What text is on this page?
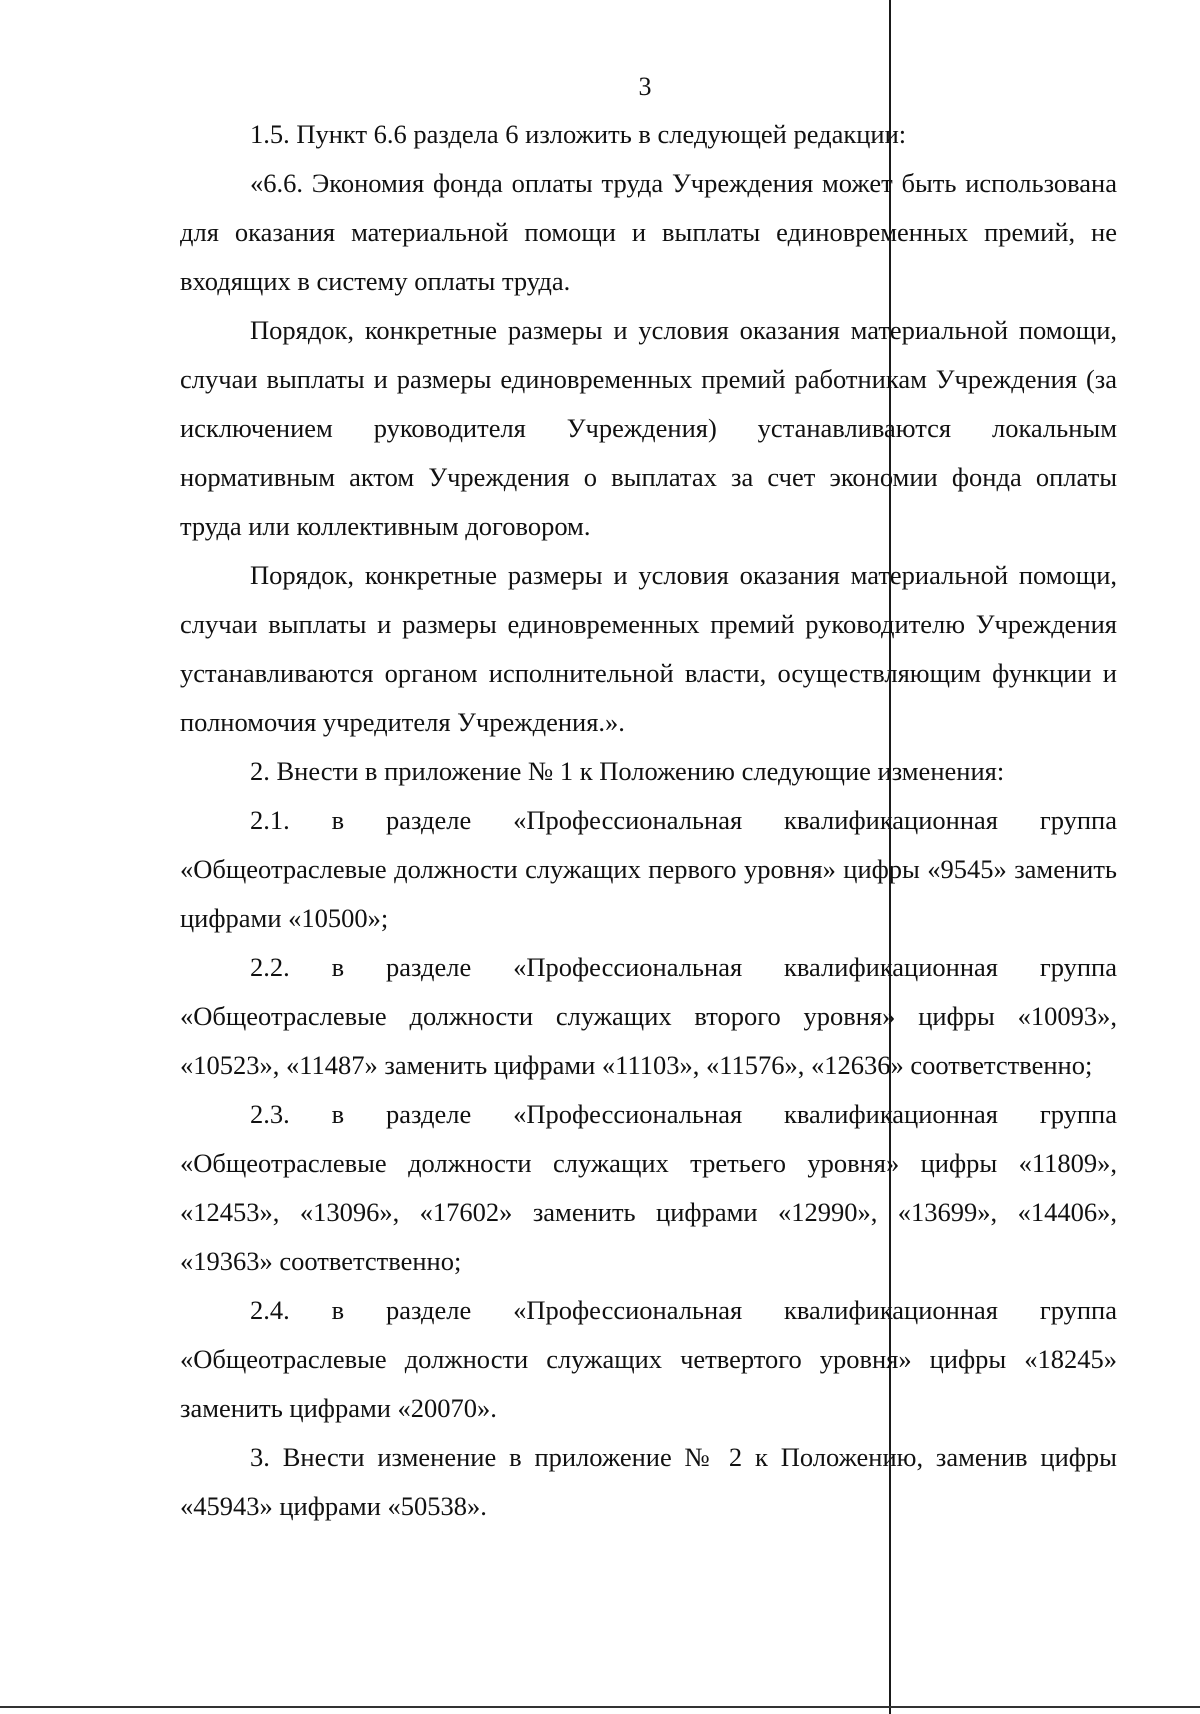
3

1.5. Пункт 6.6 раздела 6 изложить в следующей редакции:

«6.6. Экономия фонда оплаты труда Учреждения может быть использована для оказания материальной помощи и выплаты единовременных премий, не входящих в систему оплаты труда.

Порядок, конкретные размеры и условия оказания материальной помощи, случаи выплаты и размеры единовременных премий работникам Учреждения (за исключением руководителя Учреждения) устанавливаются локальным нормативным актом Учреждения о выплатах за счет экономии фонда оплаты труда или коллективным договором.

Порядок, конкретные размеры и условия оказания материальной помощи, случаи выплаты и размеры единовременных премий руководителю Учреждения устанавливаются органом исполнительной власти, осуществляющим функции и полномочия учредителя Учреждения.».

2. Внести в приложение № 1 к Положению следующие изменения:

2.1. в разделе «Профессиональная квалификационная группа «Общеотраслевые должности служащих первого уровня» цифры «9545» заменить цифрами «10500»;

2.2. в разделе «Профессиональная квалификационная группа «Общеотраслевые должности служащих второго уровня» цифры «10093», «10523», «11487» заменить цифрами «11103», «11576», «12636» соответственно;

2.3. в разделе «Профессиональная квалификационная группа «Общеотраслевые должности служащих третьего уровня» цифры «11809», «12453», «13096», «17602» заменить цифрами «12990», «13699», «14406», «19363» соответственно;

2.4. в разделе «Профессиональная квалификационная группа «Общеотраслевые должности служащих четвертого уровня» цифры «18245» заменить цифрами «20070».

3. Внести изменение в приложение № 2 к Положению, заменив цифры «45943» цифрами «50538».
